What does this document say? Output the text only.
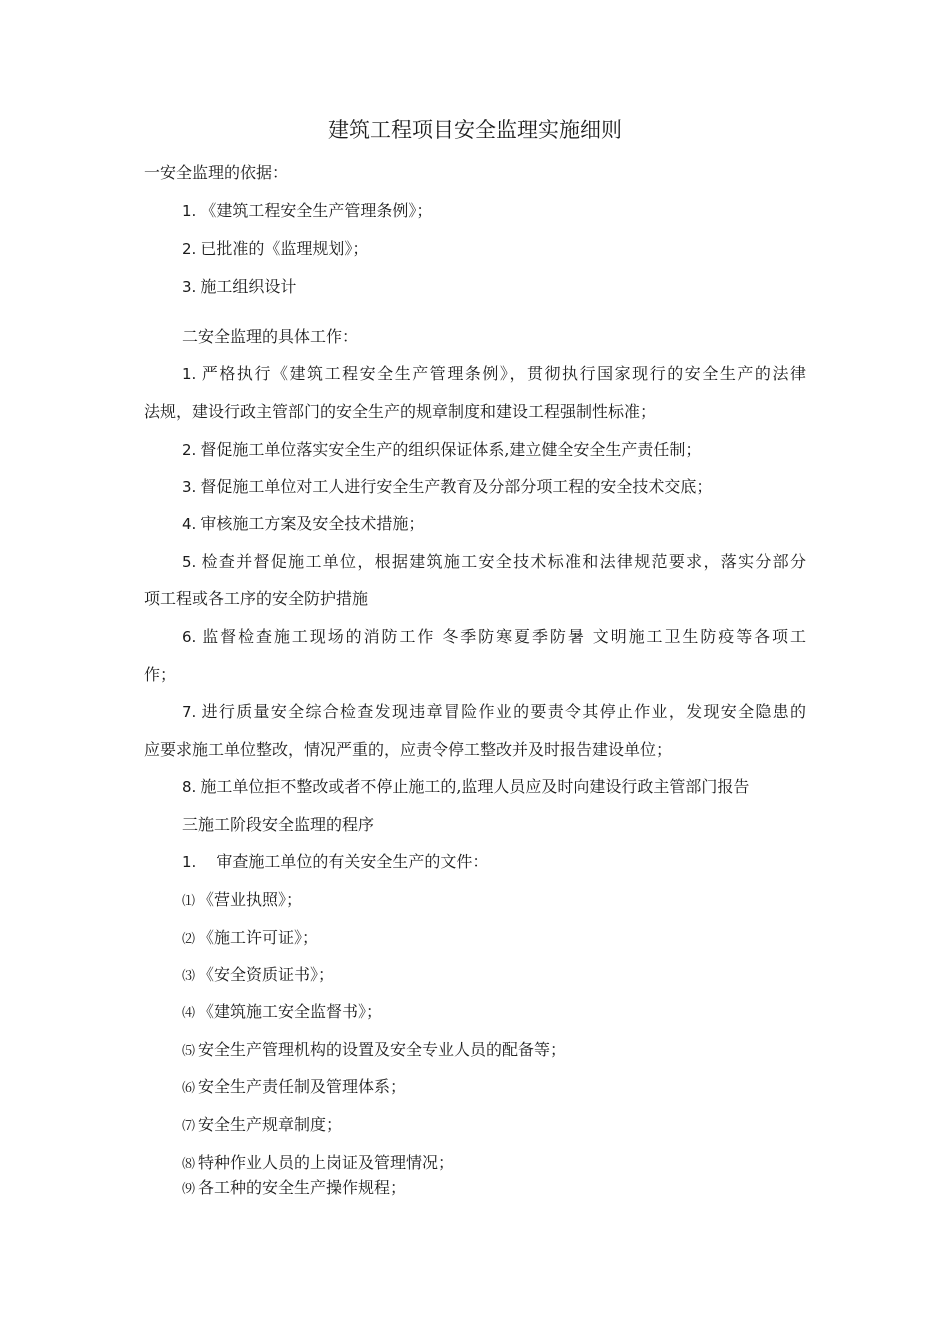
建筑工程项目安全监理实施细则
一安全监理的依据：
1. 《建筑工程安全生产管理条例》；
2. 已批准的《监理规划》；
3. 施工组织设计
二安全监理的具体工作：
1. 严格执行《建筑工程安全生产管理条例》，贯彻执行国家现行的安全生产的法律
法规，建设行政主管部门的安全生产的规章制度和建设工程强制性标准；
2. 督促施工单位落实安全生产的组织保证体系,建立健全安全生产责任制；
3. 督促施工单位对工人进行安全生产教育及分部分项工程的安全技术交底；
4. 审核施工方案及安全技术措施；
5. 检查并督促施工单位，根据建筑施工安全技术标准和法律规范要求，落实分部分
项工程或各工序的安全防护措施
6. 监督检查施工现场的消防工作 冬季防寒夏季防暑 文明施工卫生防疫等各项工
作；
7. 进行质量安全综合检查发现违章冒险作业的要责令其停止作业，发现安全隐患的
应要求施工单位整改，情况严重的，应责令停工整改并及时报告建设单位；
8. 施工单位拒不整改或者不停止施工的,监理人员应及时向建设行政主管部门报告
三施工阶段安全监理的程序
1. 审查施工单位的有关安全生产的文件：
⑴ 《营业执照》；
⑵ 《施工许可证》；
⑶ 《安全资质证书》；
⑷ 《建筑施工安全监督书》；
⑸ 安全生产管理机构的设置及安全专业人员的配备等；
⑹ 安全生产责任制及管理体系；
⑺ 安全生产规章制度；
⑻ 特种作业人员的上岗证及管理情况；
⑼ 各工种的安全生产操作规程；
